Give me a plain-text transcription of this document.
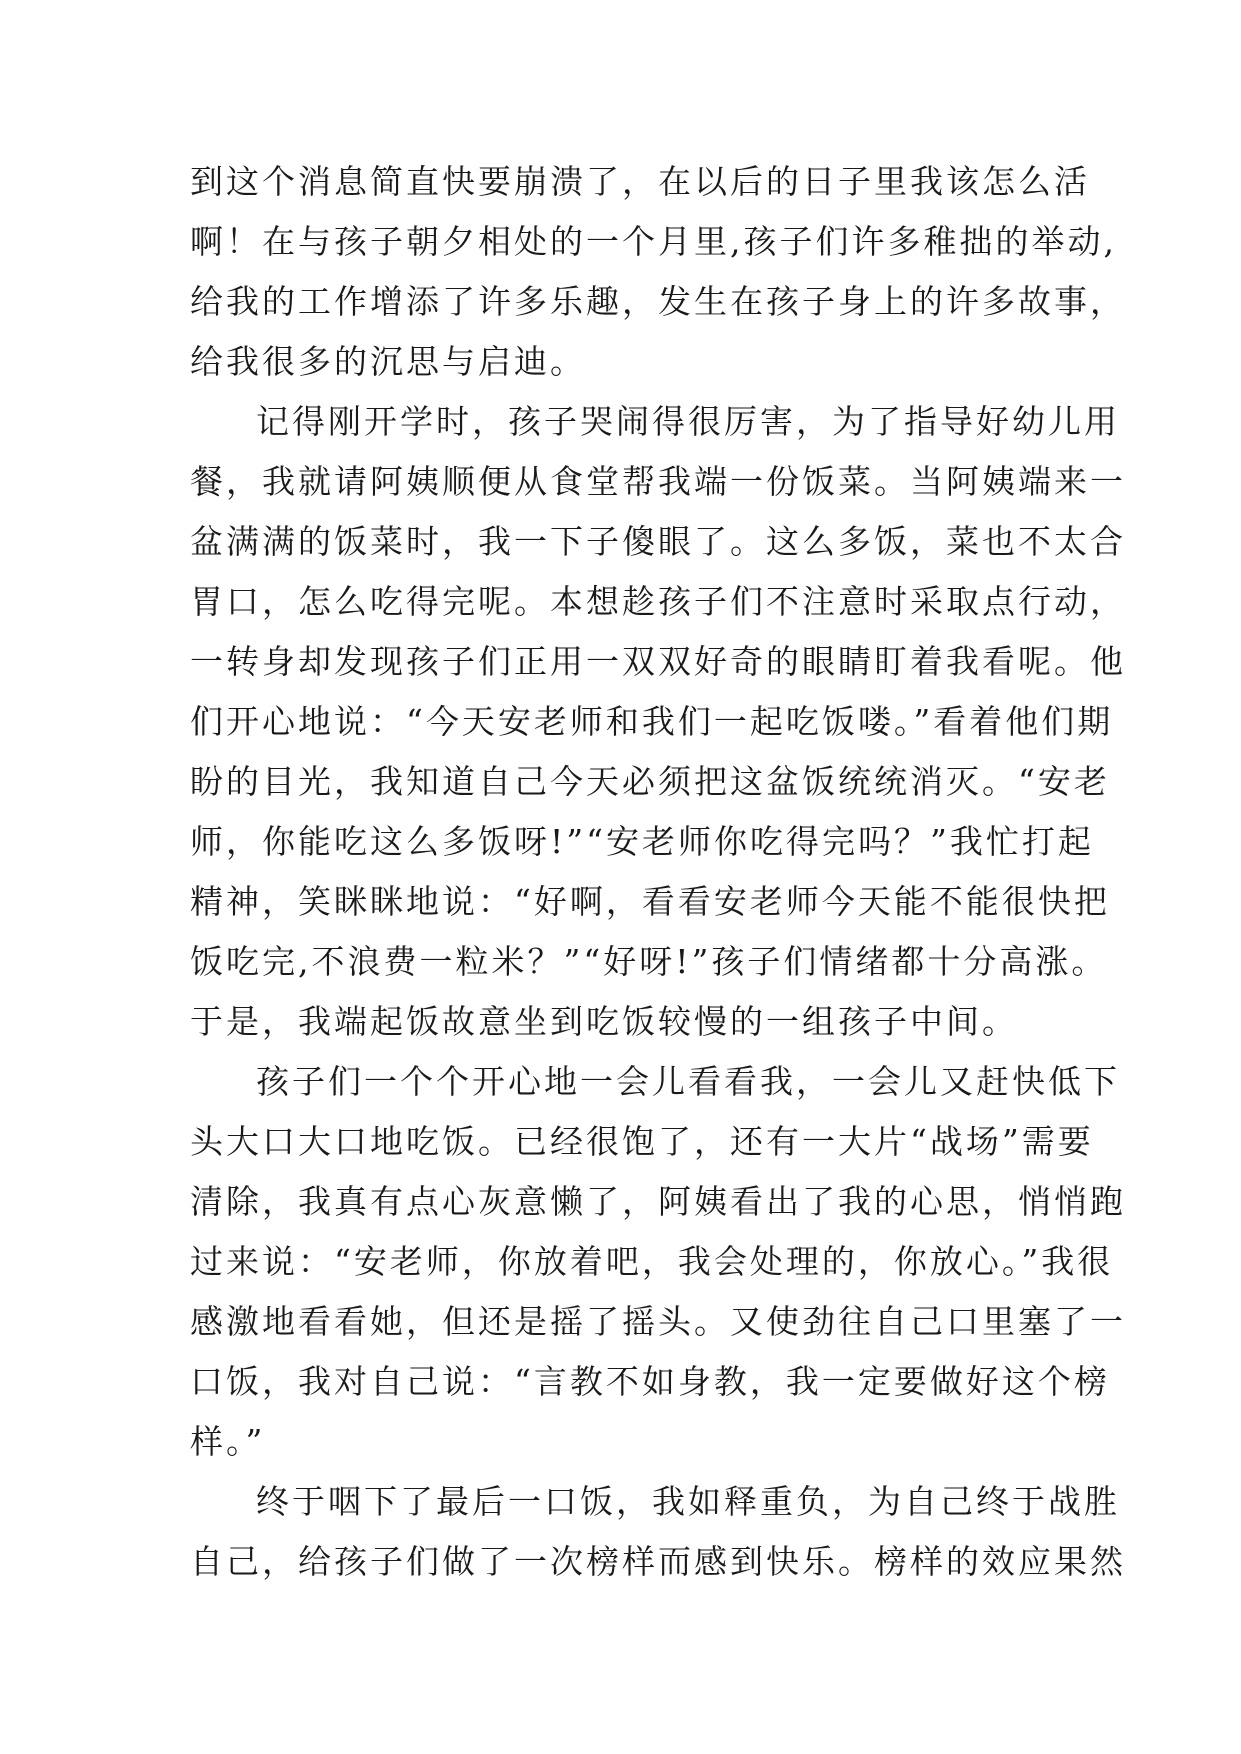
到这个消息简直快要崩溃了，在以后的日子里我该怎么活
啊！在与孩子朝夕相处的一个月里,孩子们许多稚拙的举动,
给我的工作增添了许多乐趣，发生在孩子身上的许多故事，
给我很多的沉思与启迪。
记得刚开学时，孩子哭闹得很厉害，为了指导好幼儿用
餐，我就请阿姨顺便从食堂帮我端一份饭菜。当阿姨端来一
盆满满的饭菜时，我一下子傻眼了。这么多饭，菜也不太合
胃口，怎么吃得完呢。本想趁孩子们不注意时采取点行动，
一转身却发现孩子们正用一双双好奇的眼睛盯着我看呢。他
们开心地说：“今天安老师和我们一起吃饭喽。”看着他们期
盼的目光，我知道自己今天必须把这盆饭统统消灭。“安老
师，你能吃这么多饭呀!”“安老师你吃得完吗？”我忙打起
精神，笑眯眯地说：“好啊，看看安老师今天能不能很快把
饭吃完,不浪费一粒米？”“好呀!”孩子们情绪都十分高涨。
于是，我端起饭故意坐到吃饭较慢的一组孩子中间。
孩子们一个个开心地一会儿看看我，一会儿又赶快低下
头大口大口地吃饭。已经很饱了，还有一大片“战场”需要
清除，我真有点心灰意懒了，阿姨看出了我的心思，悄悄跑
过来说：“安老师，你放着吧，我会处理的，你放心。”我很
感激地看看她，但还是摇了摇头。又使劲往自己口里塞了一
口饭，我对自己说：“言教不如身教，我一定要做好这个榜
样。”
终于咽下了最后一口饭，我如释重负，为自己终于战胜
自己，给孩子们做了一次榜样而感到快乐。榜样的效应果然
